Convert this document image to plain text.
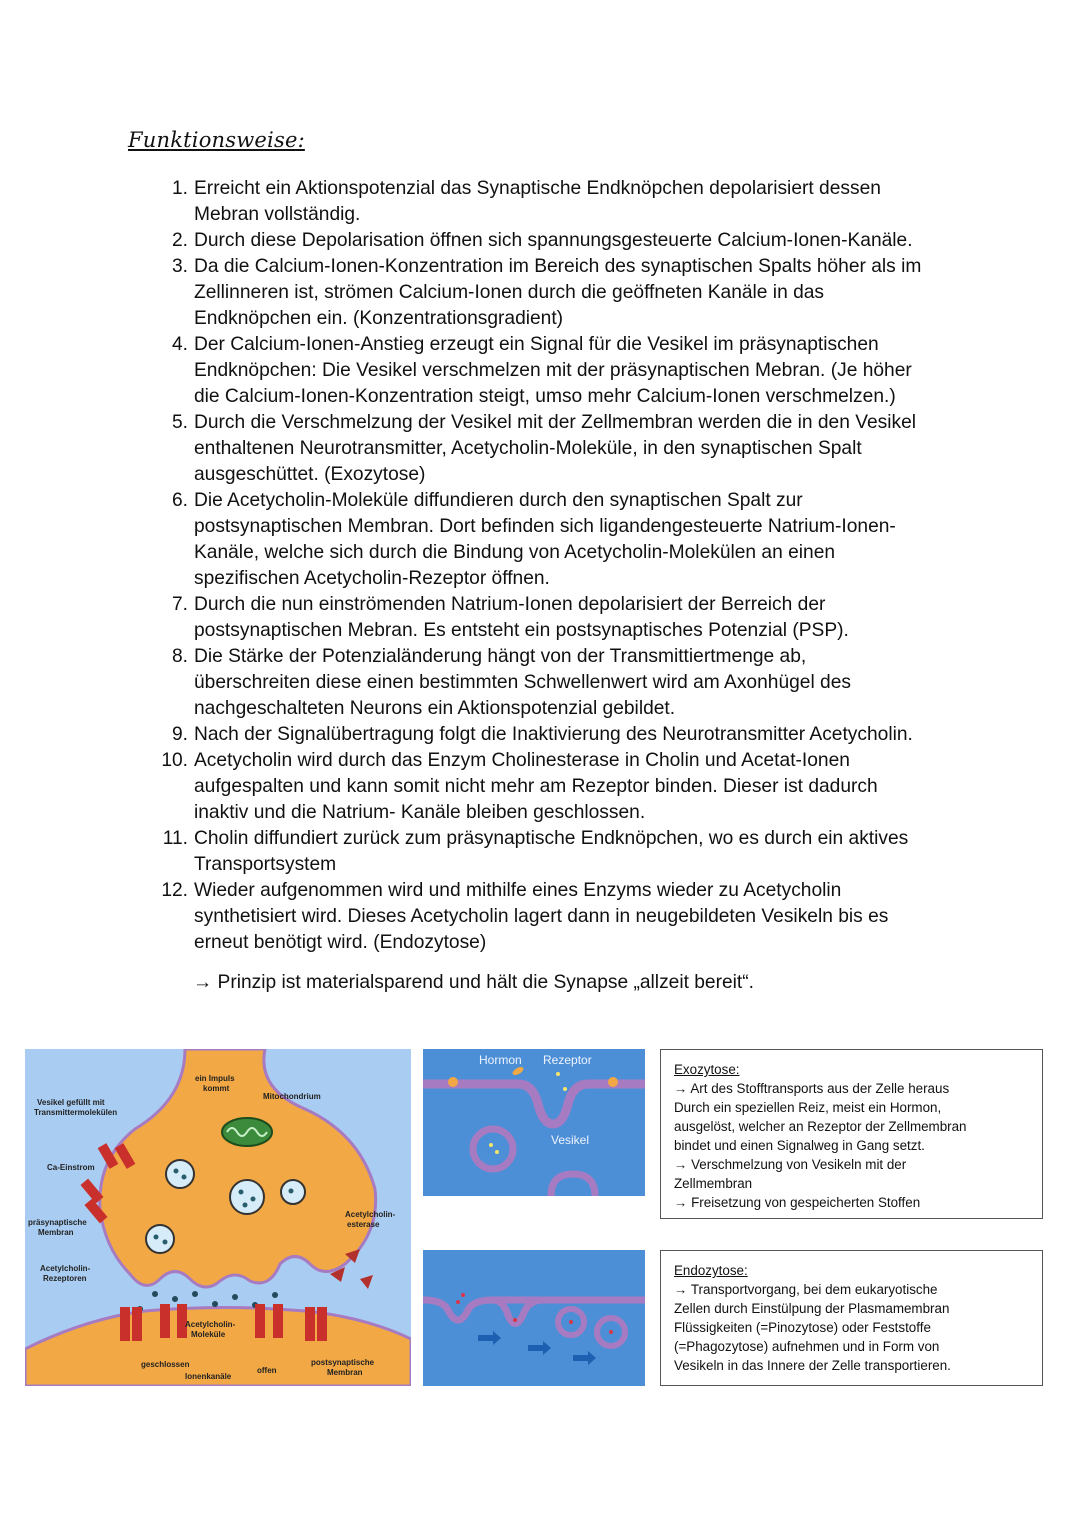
Funktionsweise:
1. Erreicht ein Aktionspotenzial das Synaptische Endknöpchen depolarisiert dessen
Mebran vollständig.
2. Durch diese Depolarisation öffnen sich spannungsgesteuerte Calcium-Ionen-Kanäle.
3. Da die Calcium-Ionen-Konzentration im Bereich des synaptischen Spalts höher als im
Zellinneren ist, strömen Calcium-Ionen durch die geöffneten Kanäle in das
Endknöpchen ein. (Konzentrationsgradient)
4. Der Calcium-Ionen-Anstieg erzeugt ein Signal für die Vesikel im präsynaptischen
Endknöpchen: Die Vesikel verschmelzen mit der präsynaptischen Mebran. (Je höher
die Calcium-Ionen-Konzentration steigt, umso mehr Calcium-Ionen verschmelzen.)
5. Durch die Verschmelzung der Vesikel mit der Zellmembran werden die in den Vesikel
enthaltenen Neurotransmitter, Acetycholin-Moleküle, in den synaptischen Spalt
ausgeschüttet. (Exozytose)
6. Die Acetycholin-Moleküle diffundieren durch den synaptischen Spalt zur
postsynaptischen Membran. Dort befinden sich ligandengesteuerte Natrium-Ionen-
Kanäle, welche sich durch die Bindung von Acetycholin-Molekülen an einen
spezifischen Acetycholin-Rezeptor öffnen.
7. Durch die nun einströmenden Natrium-Ionen depolarisiert der Berreich der
postsynaptischen Mebran. Es entsteht ein postsynaptisches Potenzial (PSP).
8. Die Stärke der Potenzialänderung hängt von der Transmittiertmenge ab,
überschreiten diese einen bestimmten Schwellenwert wird am Axonhügel des
nachgeschalteten Neurons ein Aktionspotenzial gebildet.
9. Nach der Signalübertragung folgt die Inaktivierung des Neurotransmitter Acetycholin.
10. Acetycholin wird durch das Enzym Cholinesterase in Cholin und Acetat-Ionen
aufgespalten und kann somit nicht mehr am Rezeptor binden. Dieser ist dadurch
inaktiv und die Natrium- Kanäle bleiben geschlossen.
11. Cholin diffundiert zurück zum präsynaptische Endknöpchen, wo es durch ein aktives
Transportsystem
12. Wieder aufgenommen wird und mithilfe eines Enzyms wieder zu Acetycholin
synthetisiert wird. Dieses Acetycholin lagert dann in neugebildeten Vesikeln bis es
erneut benötigt wird. (Endozytose)
→ Prinzip ist materialsparend und hält die Synapse „allzeit bereit“.
ein Impuls
kommt
Mitochondrium
Vesikel gefüllt mit
Transmittermolekülen
Ca-Einstrom
präsynaptische
Membran
Acetylcholin-
Rezeptoren
Acetylcholin-
esterase
Acetylcholin-
Moleküle
geschlossen
offen
Ionenkanäle
postsynaptische
Membran
Hormon Rezeptor
Vesikel
Exozytose:
→ Art des Stofftransports aus der Zelle heraus
Durch ein speziellen Reiz, meist ein Hormon,
ausgelöst, welcher an Rezeptor der Zellmembran
bindet und einen Signalweg in Gang setzt.
→ Verschmelzung von Vesikeln mit der
Zellmembran
→ Freisetzung von gespeicherten Stoffen
Endozytose:
→ Transportvorgang, bei dem eukaryotische
Zellen durch Einstülpung der Plasmamembran
Flüssigkeiten (=Pinozytose) oder Feststoffe
(=Phagozytose) aufnehmen und in Form von
Vesikeln in das Innere der Zelle transportieren.
